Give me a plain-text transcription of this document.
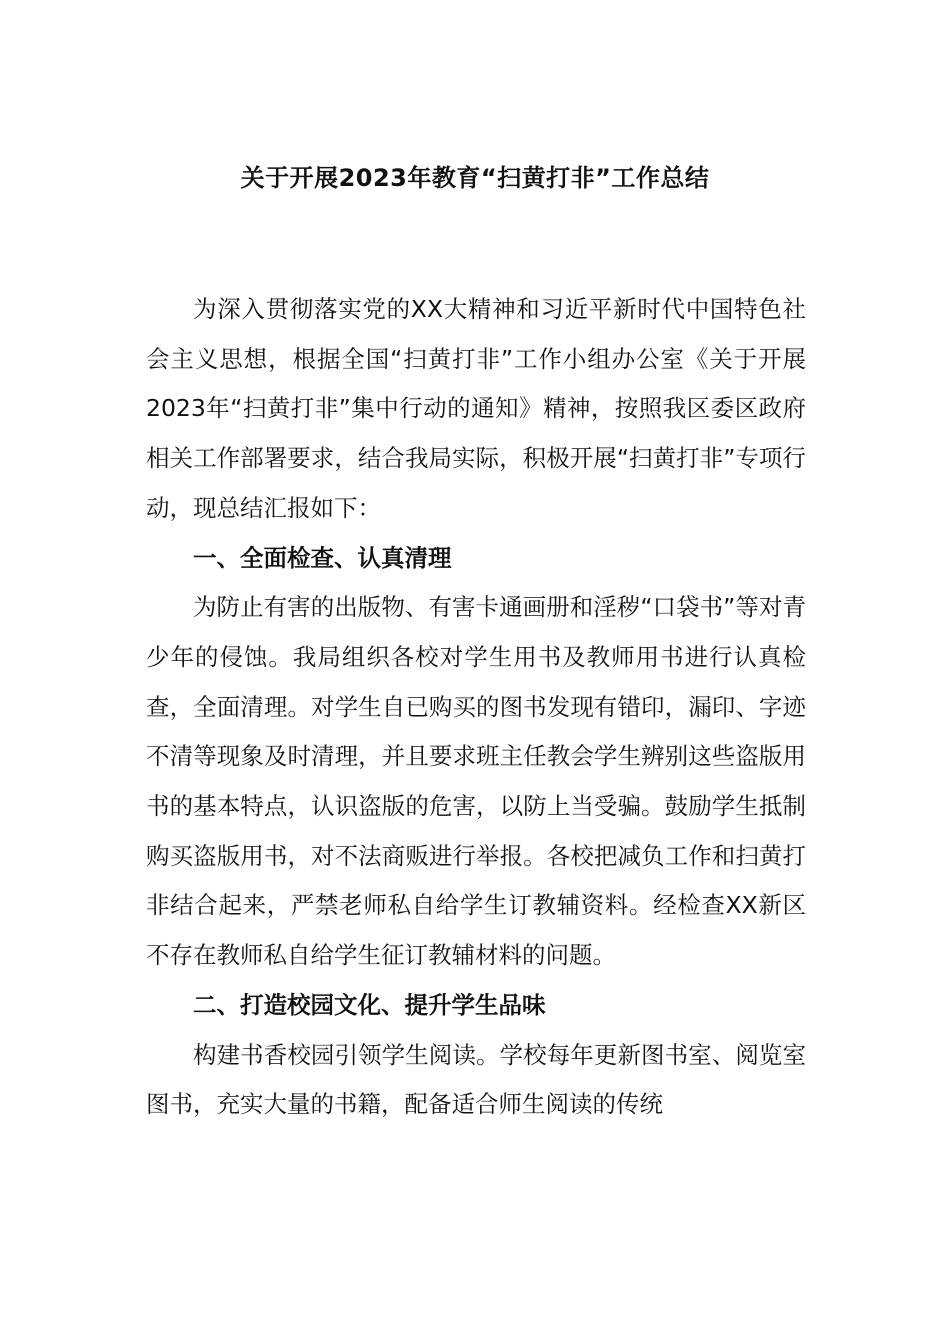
关于开展2023年教育“扫黄打非”工作总结

为深入贯彻落实党的XX大精神和习近平新时代中国特色社会主义思想，根据全国“扫黄打非”工作小组办公室《关于开展2023年“扫黄打非”集中行动的通知》精神，按照我区委区政府相关工作部署要求，结合我局实际，积极开展“扫黄打非”专项行动，现总结汇报如下：

一、全面检查、认真清理

为防止有害的出版物、有害卡通画册和淫秽“口袋书”等对青少年的侵蚀。我局组织各校对学生用书及教师用书进行认真检查，全面清理。对学生自已购买的图书发现有错印，漏印、字迹不清等现象及时清理，并且要求班主任教会学生辨别这些盗版用书的基本特点，认识盗版的危害，以防上当受骗。鼓励学生抵制购买盗版用书，对不法商贩进行举报。各校把减负工作和扫黄打非结合起来，严禁老师私自给学生订教辅资料。经检查XX新区不存在教师私自给学生征订教辅材料的问题。

二、打造校园文化、提升学生品味

构建书香校园引领学生阅读。学校每年更新图书室、阅览室图书，充实大量的书籍，配备适合师生阅读的传统
